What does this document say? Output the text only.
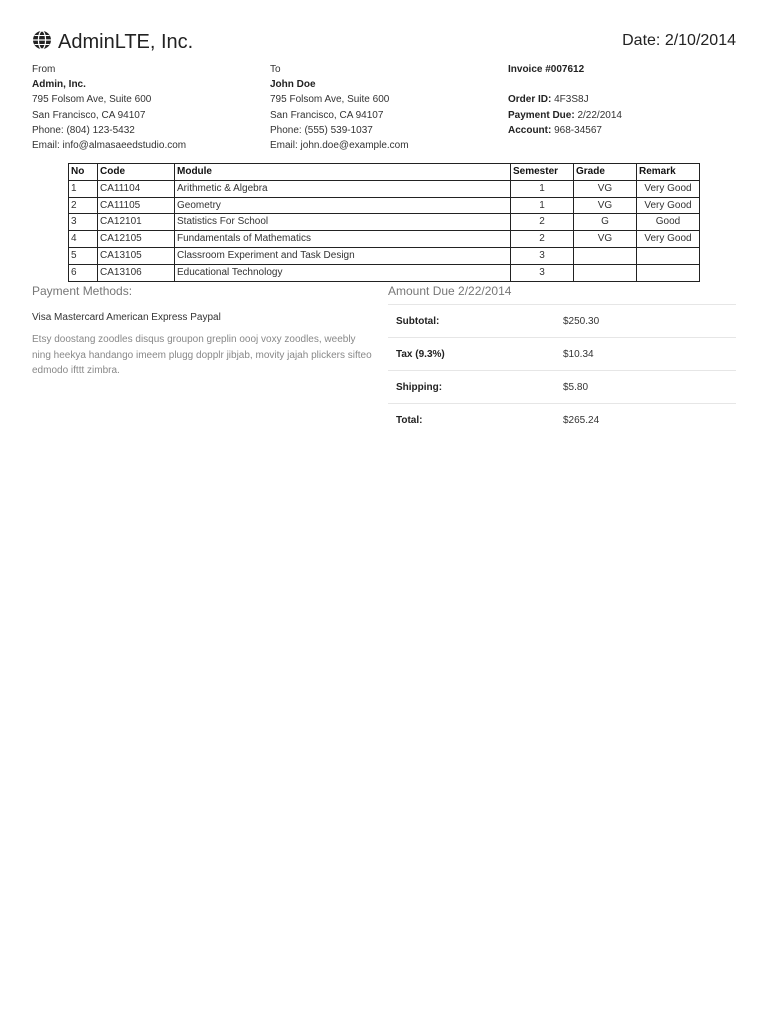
AdminLTE, Inc.	Date: 2/10/2014
From
Admin, Inc.
795 Folsom Ave, Suite 600
San Francisco, CA 94107
Phone: (804) 123-5432
Email: info@almasaeedstudio.com
To
John Doe
795 Folsom Ave, Suite 600
San Francisco, CA 94107
Phone: (555) 539-1037
Email: john.doe@example.com
Invoice #007612
Order ID: 4F3S8J
Payment Due: 2/22/2014
Account: 968-34567
No	Code	Module	Semester	Grade	Remark
1	CA11104	Arithmetic & Algebra	1	VG	Very Good
2	CA11105	Geometry	1	VG	Very Good
3	CA12101	Statistics For School	2	G	Good
4	CA12105	Fundamentals of Mathematics	2	VG	Very Good
5	CA13105	Classroom Experiment and Task Design	3		
6	CA13106	Educational Technology	3		
Payment Methods:
Visa Mastercard American Express Paypal
Etsy doostang zoodles disqus groupon greplin oooj voxy zoodles, weebly ning heekya handango imeem plugg dopplr jibjab, movity jajah plickers sifteo edmodo ifttt zimbra.
Amount Due 2/22/2014
Subtotal:	$250.30
Tax (9.3%)	$10.34
Shipping:	$5.80
Total:	$265.24
